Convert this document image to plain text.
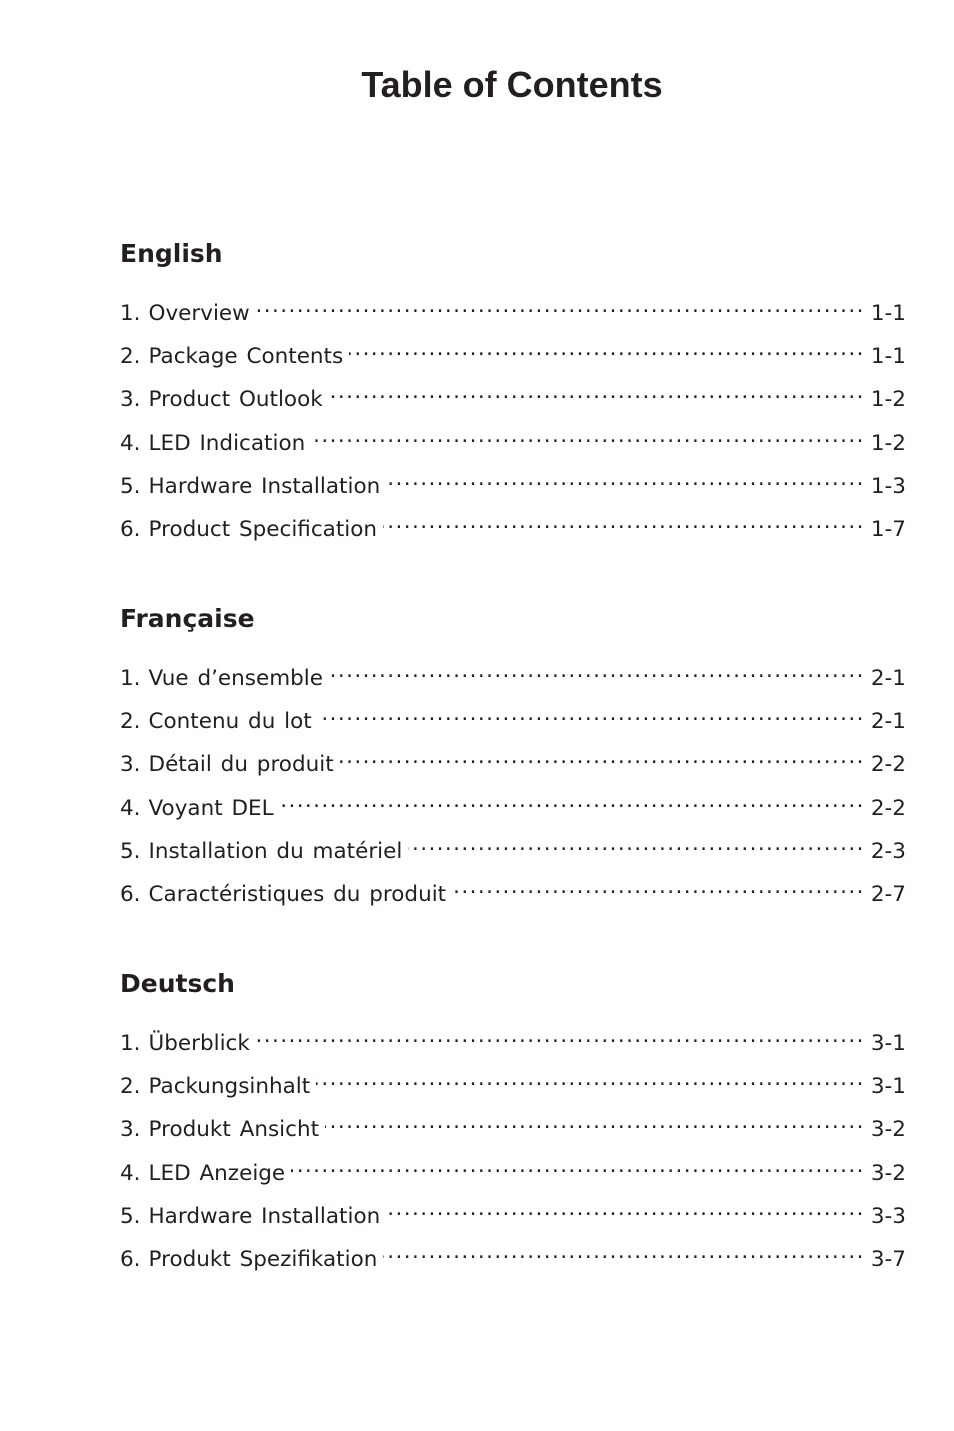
Table of Contents
English
1. Overview .....	1-1
2. Package Contents .....	1-1
3. Product Outlook .....	1-2
4. LED Indication .....	1-2
5. Hardware Installation .....	1-3
6. Product Specification .....	1-7
Française
1. Vue d’ensemble .....	2-1
2. Contenu du lot .....	2-1
3. Détail du produit .....	2-2
4. Voyant DEL .....	2-2
5. Installation du matériel .....	2-3
6. Caractéristiques du produit .....	2-7
Deutsch
1. Überblick .....	3-1
2. Packungsinhalt .....	3-1
3. Produkt Ansicht .....	3-2
4. LED Anzeige .....	3-2
5. Hardware Installation .....	3-3
6. Produkt Spezifikation .....	3-7
